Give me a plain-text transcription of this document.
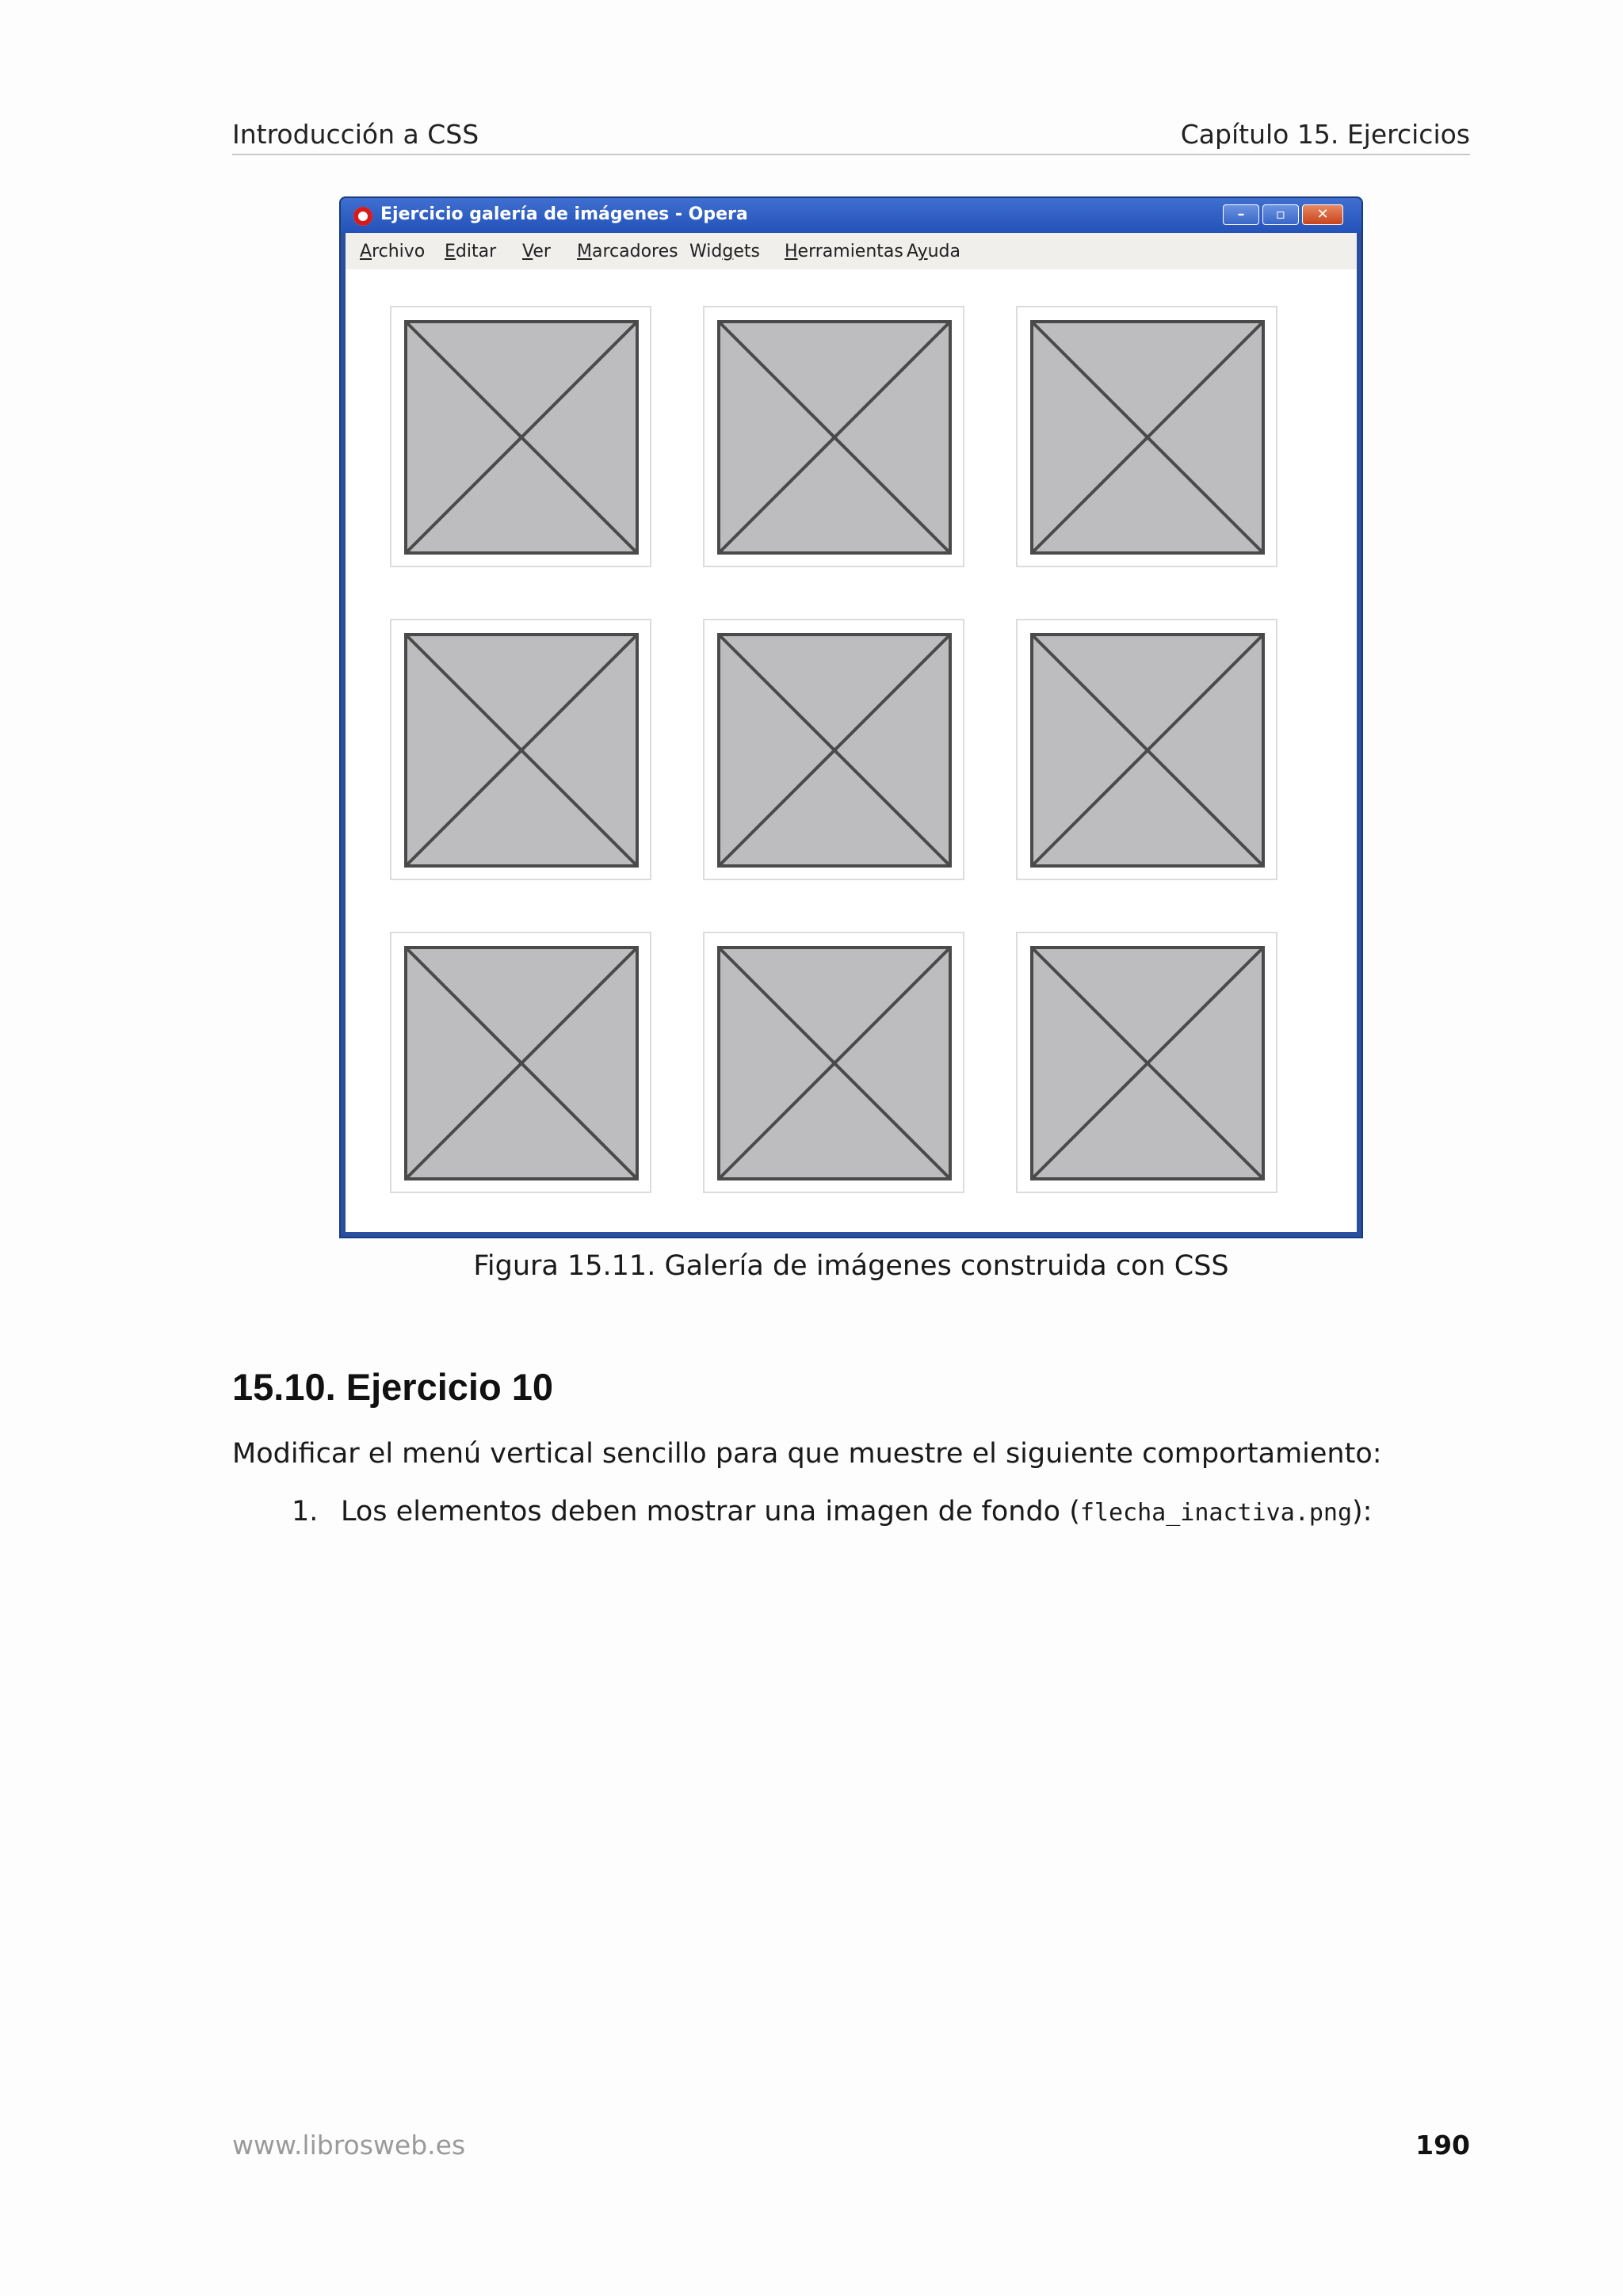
Introducción a CSS	Capítulo 15. Ejercicios
Ejercicio galería de imágenes - Opera	–	▫	✕
Archivo Editar Ver Marcadores Widgets Herramientas Ayuda
Figura 15.11. Galería de imágenes construida con CSS
15.10. Ejercicio 10
Modificar el menú vertical sencillo para que muestre el siguiente comportamiento:
1. Los elementos deben mostrar una imagen de fondo (flecha_inactiva.png):
www.librosweb.es	190
